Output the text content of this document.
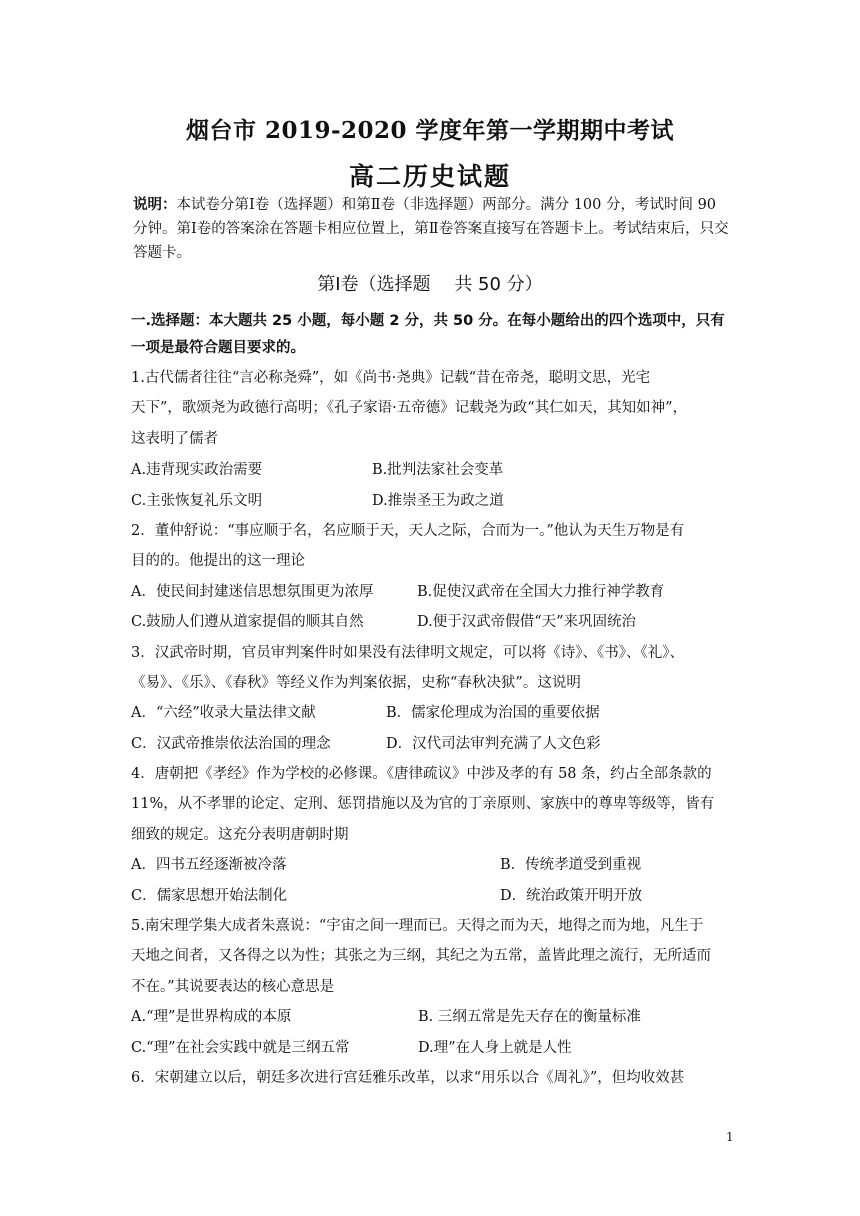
烟台市 2019-2020 学度年第一学期期中考试
高二历史试题
说明：本试卷分第Ⅰ卷（选择题）和第Ⅱ卷（非选择题）两部分。满分 100 分，考试时间 90 分钟。第Ⅰ卷的答案涂在答题卡相应位置上，第Ⅱ卷答案直接写在答题卡上。考试结束后，只交答题卡。
第Ⅰ卷（选择题　 共 50 分）
一.选择题：本大题共 25 小题，每小题 2 分，共 50 分。在每小题给出的四个选项中，只有一项是最符合题目要求的。
1.古代儒者往往“言必称尧舜”，如《尚书·尧典》记载“昔在帝尧，聪明文思，光宅
天下”，歌颂尧为政德行高明；《孔子家语·五帝德》记载尧为政“其仁如天，其知如神”，
这表明了儒者
A.违背现实政治需要	B.批判法家社会变革
C.主张恢复礼乐文明	D.推崇圣王为政之道
2．董仲舒说：“事应顺于名，名应顺于天，天人之际，合而为一。”他认为天生万物是有
目的的。他提出的这一理论
A．使民间封建迷信思想氛围更为浓厚	B.促使汉武帝在全国大力推行神学教育
C.鼓励人们遵从道家提倡的顺其自然	D.便于汉武帝假借“天”来巩固统治
3．汉武帝时期，官员审判案件时如果没有法律明文规定，可以将《诗》、《书》、《礼》、
《易》、《乐》、《春秋》等经义作为判案依据，史称“春秋决狱”。这说明
A．“六经”收录大量法律文献	B．儒家伦理成为治国的重要依据
C．汉武帝推崇依法治国的理念	D．汉代司法审判充满了人文色彩
4．唐朝把《孝经》作为学校的必修课。《唐律疏议》中涉及孝的有 58 条，约占全部条款的
11%，从不孝罪的论定、定刑、惩罚措施以及为官的丁亲原则、家族中的尊卑等级等，皆有
细致的规定。这充分表明唐朝时期
A．四书五经逐渐被冷落	B．传统孝道受到重视
C．儒家思想开始法制化	D．统治政策开明开放
5.南宋理学集大成者朱熹说：“宇宙之间一理而已。天得之而为天，地得之而为地，凡生于
天地之间者，又各得之以为性；其张之为三纲，其纪之为五常，盖皆此理之流行，无所适而
不在。”其说要表达的核心意思是
A.“理”是世界构成的本原	B. 三纲五常是先天存在的衡量标准
C.“理”在社会实践中就是三纲五常	D.理”在人身上就是人性
6．宋朝建立以后，朝廷多次进行宫廷雅乐改革，以求“用乐以合《周礼》”，但均收效甚
1
